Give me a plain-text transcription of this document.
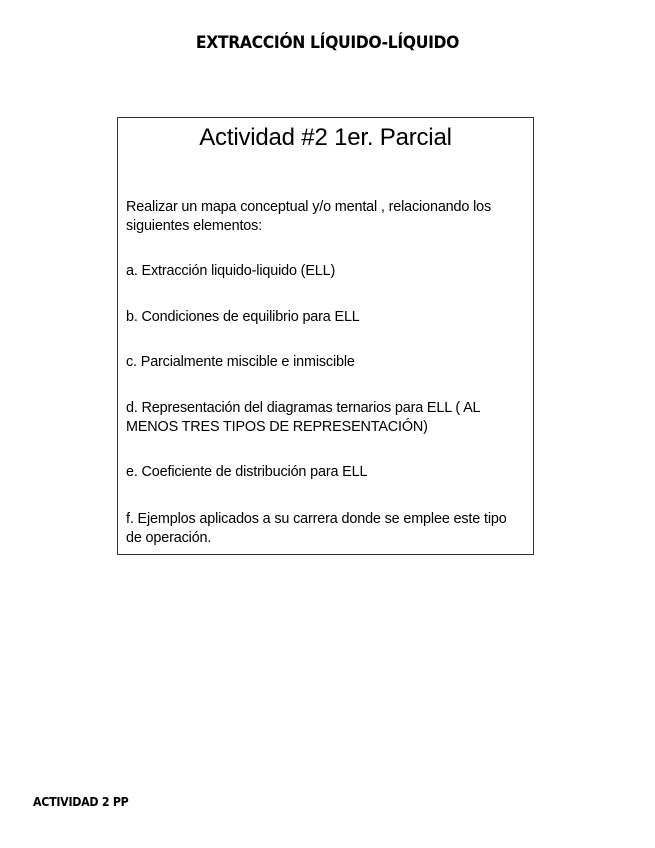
EXTRACCIÓN LÍQUIDO-LÍQUIDO
Actividad #2 1er. Parcial
Realizar un mapa conceptual y/o mental , relacionando los siguientes elementos:
a. Extracción liquido-liquido (ELL)
b. Condiciones de equilibrio para ELL
c. Parcialmente miscible e inmiscible
d. Representación del diagramas ternarios para ELL ( AL MENOS TRES TIPOS DE REPRESENTACIÓN)
e. Coeficiente de distribución para ELL
f. Ejemplos aplicados a su carrera donde se emplee este tipo de operación.
ACTIVIDAD 2 PP
